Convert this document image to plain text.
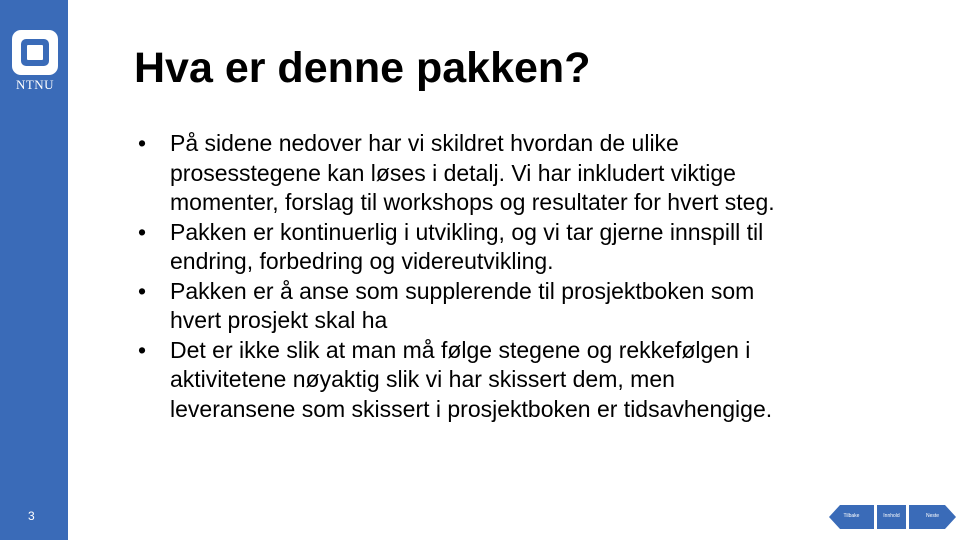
NTNU
3
Hva er denne pakken?
• På sidene nedover har vi skildret hvordan de ulike
prosesstegene kan løses i detalj. Vi har inkludert viktige
momenter, forslag til workshops og resultater for hvert steg.
• Pakken er kontinuerlig i utvikling, og vi tar gjerne innspill til
endring, forbedring og videreutvikling.
• Pakken er å anse som supplerende til prosjektboken som
hvert prosjekt skal ha
• Det er ikke slik at man må følge stegene og rekkefølgen i
aktivitetene nøyaktig slik vi har skissert dem, men
leveransene som skissert i prosjektboken er tidsavhengige.
Tilbake	Innhold	Neste
